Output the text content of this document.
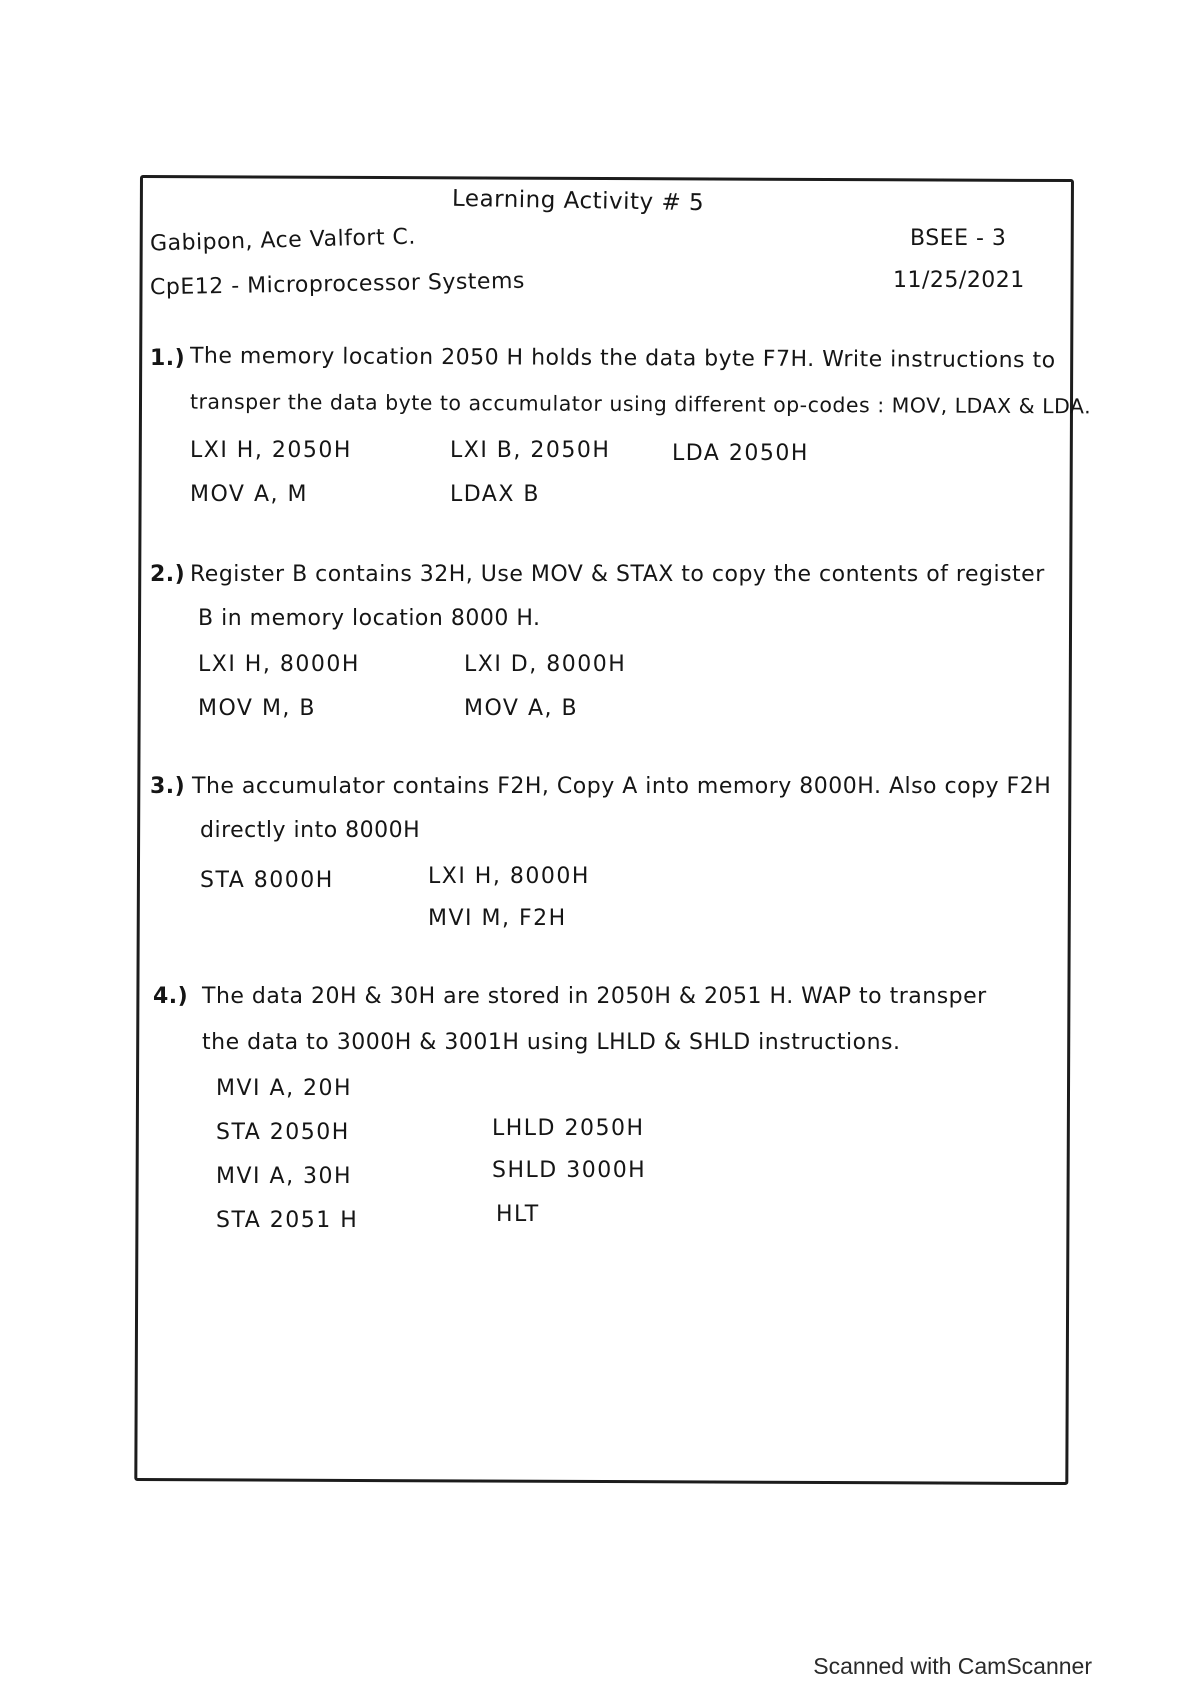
Learning Activity # 5
Gabipon, Ace Valfort C.
CpE12 - Microprocessor Systems
BSEE - 3
11/25/2021
1.) The memory location 2050 H holds the data byte F7H. Write instructions to
transper the data byte to accumulator using different op-codes : MOV, LDAX & LDA.
LXI H, 2050H
MOV A, M
LXI B, 2050H
LDAX B
LDA 2050H
2.) Register B contains 32H, Use MOV & STAX to copy the contents of register
B in memory location 8000 H.
LXI H, 8000H
MOV M, B
LXI D, 8000H
MOV A, B
3.) The accumulator contains F2H, Copy A into memory 8000H. Also copy F2H
directly into 8000H
STA 8000H	LXI H, 8000H
MVI M, F2H
4.) The data 20H & 30H are stored in 2050H & 2051 H. WAP to transper
the data to 3000H & 3001H using LHLD & SHLD instructions.
MVI A, 20H
STA 2050H
MVI A, 30H
STA 2051 H
LHLD 2050H
SHLD 3000H
HLT
Scanned with CamScanner
